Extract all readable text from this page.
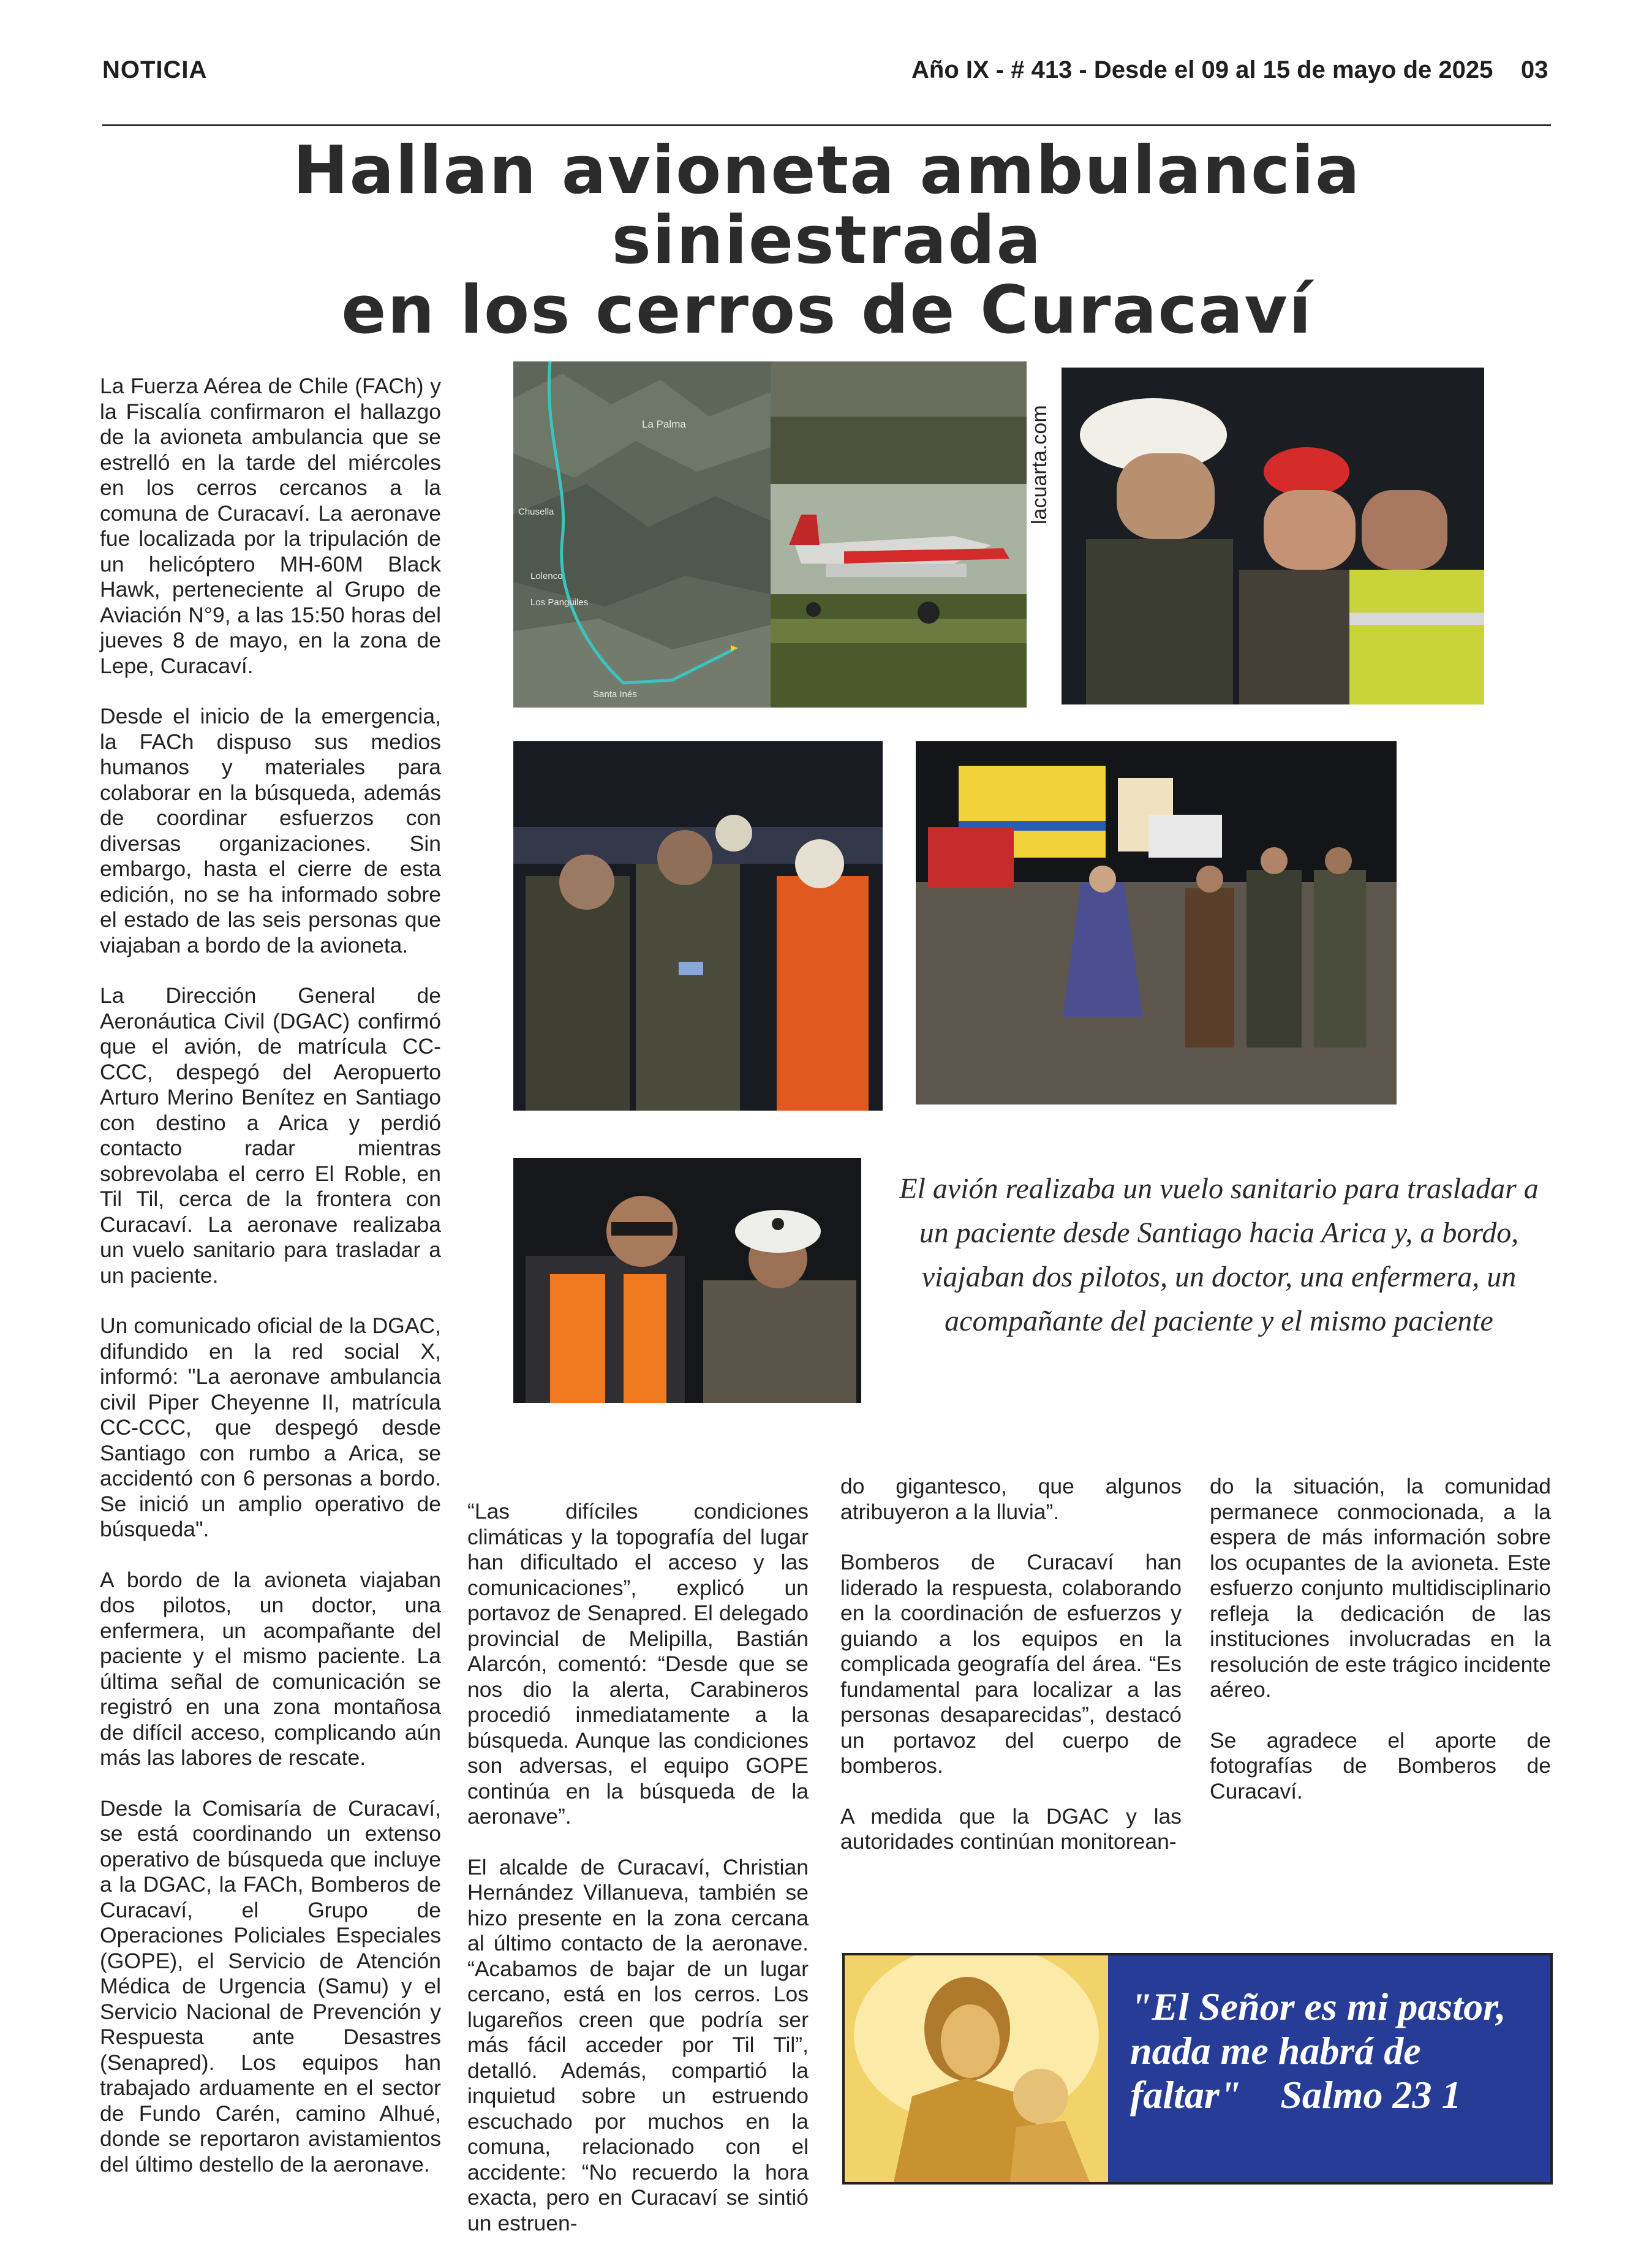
NOTICIA	Año IX - # 413 - Desde el 09 al 15 de mayo de 2025 03
Hallan avioneta ambulancia siniestrada
en los cerros de Curacaví

La Fuerza Aérea de Chile (FACh) y la Fiscalía confirmaron el hallazgo de la avioneta ambulancia que se estrelló en la tarde del miércoles en los cerros cercanos a la comuna de Curacaví. La aeronave fue localizada por la tripulación de un helicóptero MH-60M Black Hawk, perteneciente al Grupo de Aviación N°9, a las 15:50 horas del jueves 8 de mayo, en la zona de Lepe, Curacaví.

Desde el inicio de la emergencia, la FACh dispuso sus medios humanos y materiales para colaborar en la búsqueda, además de coordinar esfuerzos con diversas organizaciones. Sin embargo, hasta el cierre de esta edición, no se ha informado sobre el estado de las seis personas que viajaban a bordo de la avioneta.

La Dirección General de Aeronáutica Civil (DGAC) confirmó que el avión, de matrícula CC-CCC, despegó del Aeropuerto Arturo Merino Benítez en Santiago con destino a Arica y perdió contacto radar mientras sobrevolaba el cerro El Roble, en Til Til, cerca de la frontera con Curacaví. La aeronave realizaba un vuelo sanitario para trasladar a un paciente.

Un comunicado oficial de la DGAC, difundido en la red social X, informó: "La aeronave ambulancia civil Piper Cheyenne II, matrícula CC-CCC, que despegó desde Santiago con rumbo a Arica, se accidentó con 6 personas a bordo. Se inició un amplio operativo de búsqueda".

A bordo de la avioneta viajaban dos pilotos, un doctor, una enfermera, un acompañante del paciente y el mismo paciente. La última señal de comunicación se registró en una zona montañosa de difícil acceso, complicando aún más las labores de rescate.

Desde la Comisaría de Curacaví, se está coordinando un extenso operativo de búsqueda que incluye a la DGAC, la FACh, Bomberos de Curacaví, el Grupo de Operaciones Policiales Especiales (GOPE), el Servicio de Atención Médica de Urgencia (Samu) y el Servicio Nacional de Prevención y Respuesta ante Desastres (Senapred). Los equipos han trabajado arduamente en el sector de Fundo Carén, camino Alhué, donde se reportaron avistamientos del último destello de la aeronave.

“Las difíciles condiciones climáticas y la topografía del lugar han dificultado el acceso y las comunicaciones”, explicó un portavoz de Senapred. El delegado provincial de Melipilla, Bastián Alarcón, comentó: “Desde que se nos dio la alerta, Carabineros procedió inmediatamente a la búsqueda. Aunque las condiciones son adversas, el equipo GOPE continúa en la búsqueda de la aeronave”.

El alcalde de Curacaví, Christian Hernández Villanueva, también se hizo presente en la zona cercana al último contacto de la aeronave. “Acabamos de bajar de un lugar cercano, está en los cerros. Los lugareños creen que podría ser más fácil acceder por Til Til”, detalló. Además, compartió la inquietud sobre un estruendo escuchado por muchos en la comuna, relacionado con el accidente: “No recuerdo la hora exacta, pero en Curacaví se sintió un estruen-

do gigantesco, que algunos atribuyeron a la lluvia”.

Bomberos de Curacaví han liderado la respuesta, colaborando en la coordinación de esfuerzos y guiando a los equipos en la complicada geografía del área. “Es fundamental para localizar a las personas desaparecidas”, destacó un portavoz del cuerpo de bomberos.

A medida que la DGAC y las autoridades continúan monitorean-

do la situación, la comunidad permanece conmocionada, a la espera de más información sobre los ocupantes de la avioneta. Este esfuerzo conjunto multidisciplinario refleja la dedicación de las instituciones involucradas en la resolución de este trágico incidente aéreo.

Se agradece el aporte de fotografías de Bomberos de Curacaví.

El avión realizaba un vuelo sanitario para trasladar a un paciente desde Santiago hacia Arica y, a bordo, viajaban dos pilotos, un doctor, una enfermera, un acompañante del paciente y el mismo paciente
La Palma
Chusella
Lolenco
Los Panguiles
Santa Inés
lacuarta.com
"El Señor es mi pastor, nada me habrá de faltar" Salmo 23 1
